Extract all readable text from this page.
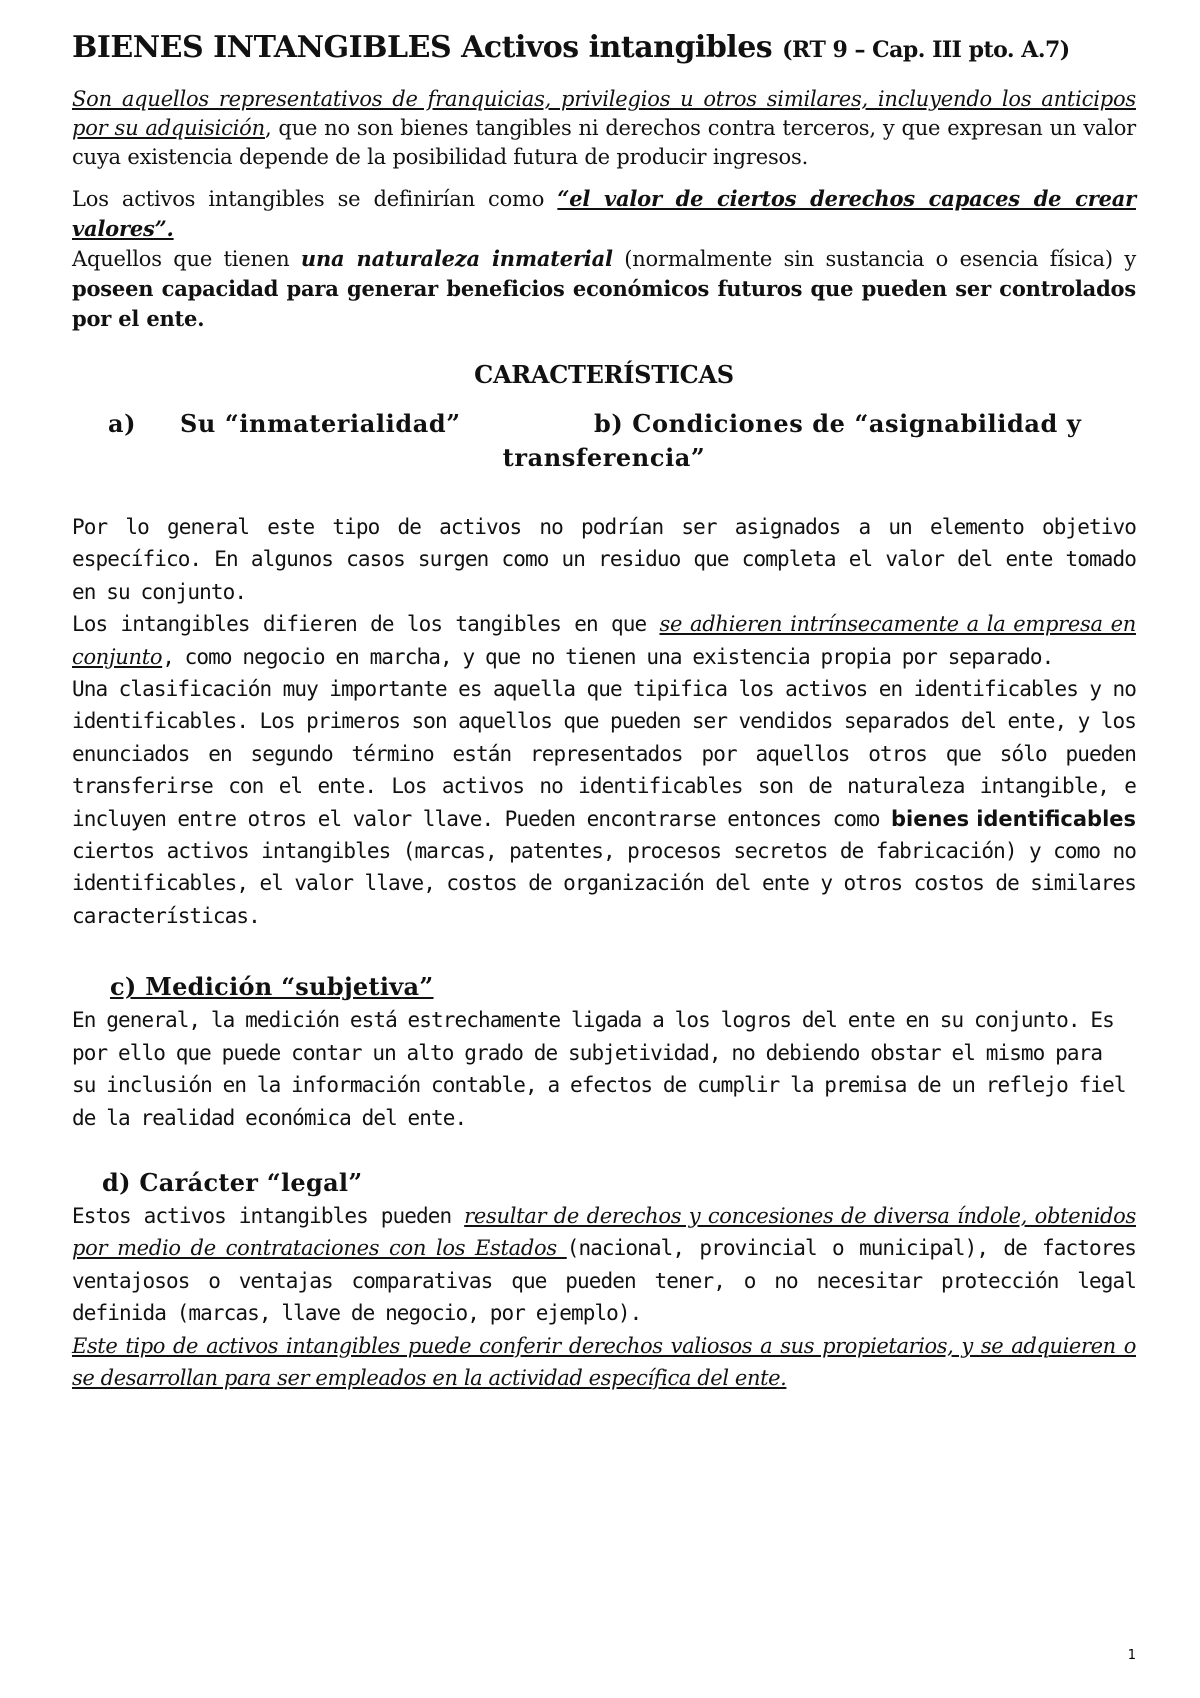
BIENES INTANGIBLES Activos intangibles (RT 9 – Cap. III pto. A.7)

Son aquellos representativos de franquicias, privilegios u otros similares, incluyendo los anticipos por su adquisición, que no son bienes tangibles ni derechos contra terceros, y que expresan un valor cuya existencia depende de la posibilidad futura de producir ingresos.

Los activos intangibles se definirían como “el valor de ciertos derechos capaces de crear valores”.

Aquellos que tienen una naturaleza inmaterial (normalmente sin sustancia o esencia física) y poseen capacidad para generar beneficios económicos futuros que pueden ser controlados por el ente.

CARACTERÍSTICAS
a) Su “inmaterialidad”	b) Condiciones de “asignabilidad y
transferencia”

Por lo general este tipo de activos no podrían ser asignados a un elemento objetivo específico. En algunos casos surgen como un residuo que completa el valor del ente tomado en su conjunto.

Los intangibles difieren de los tangibles en que se adhieren intrínsecamente a la empresa en conjunto, como negocio en marcha, y que no tienen una existencia propia por separado.

Una clasificación muy importante es aquella que tipifica los activos en identificables y no identificables. Los primeros son aquellos que pueden ser vendidos separados del ente, y los enunciados en segundo término están representados por aquellos otros que sólo pueden transferirse con el ente. Los activos no identificables son de naturaleza intangible, e incluyen entre otros el valor llave. Pueden encontrarse entonces como bienes identificables ciertos activos intangibles (marcas, patentes, procesos secretos de fabricación) y como no identificables, el valor llave, costos de organización del ente y otros costos de similares características.

c) Medición “subjetiva”

En general, la medición está estrechamente ligada a los logros del ente en su conjunto. Es por ello que puede contar un alto grado de subjetividad, no debiendo obstar el mismo para su inclusión en la información contable, a efectos de cumplir la premisa de un reflejo fiel de la realidad económica del ente.

d) Carácter “legal”

Estos activos intangibles pueden resultar de derechos y concesiones de diversa índole, obtenidos por medio de contrataciones con los Estados (nacional, provincial o municipal), de factores ventajosos o ventajas comparativas que pueden tener, o no necesitar protección legal definida (marcas, llave de negocio, por ejemplo).

Este tipo de activos intangibles puede conferir derechos valiosos a sus propietarios, y se adquieren o se desarrollan para ser empleados en la actividad específica del ente.

1
